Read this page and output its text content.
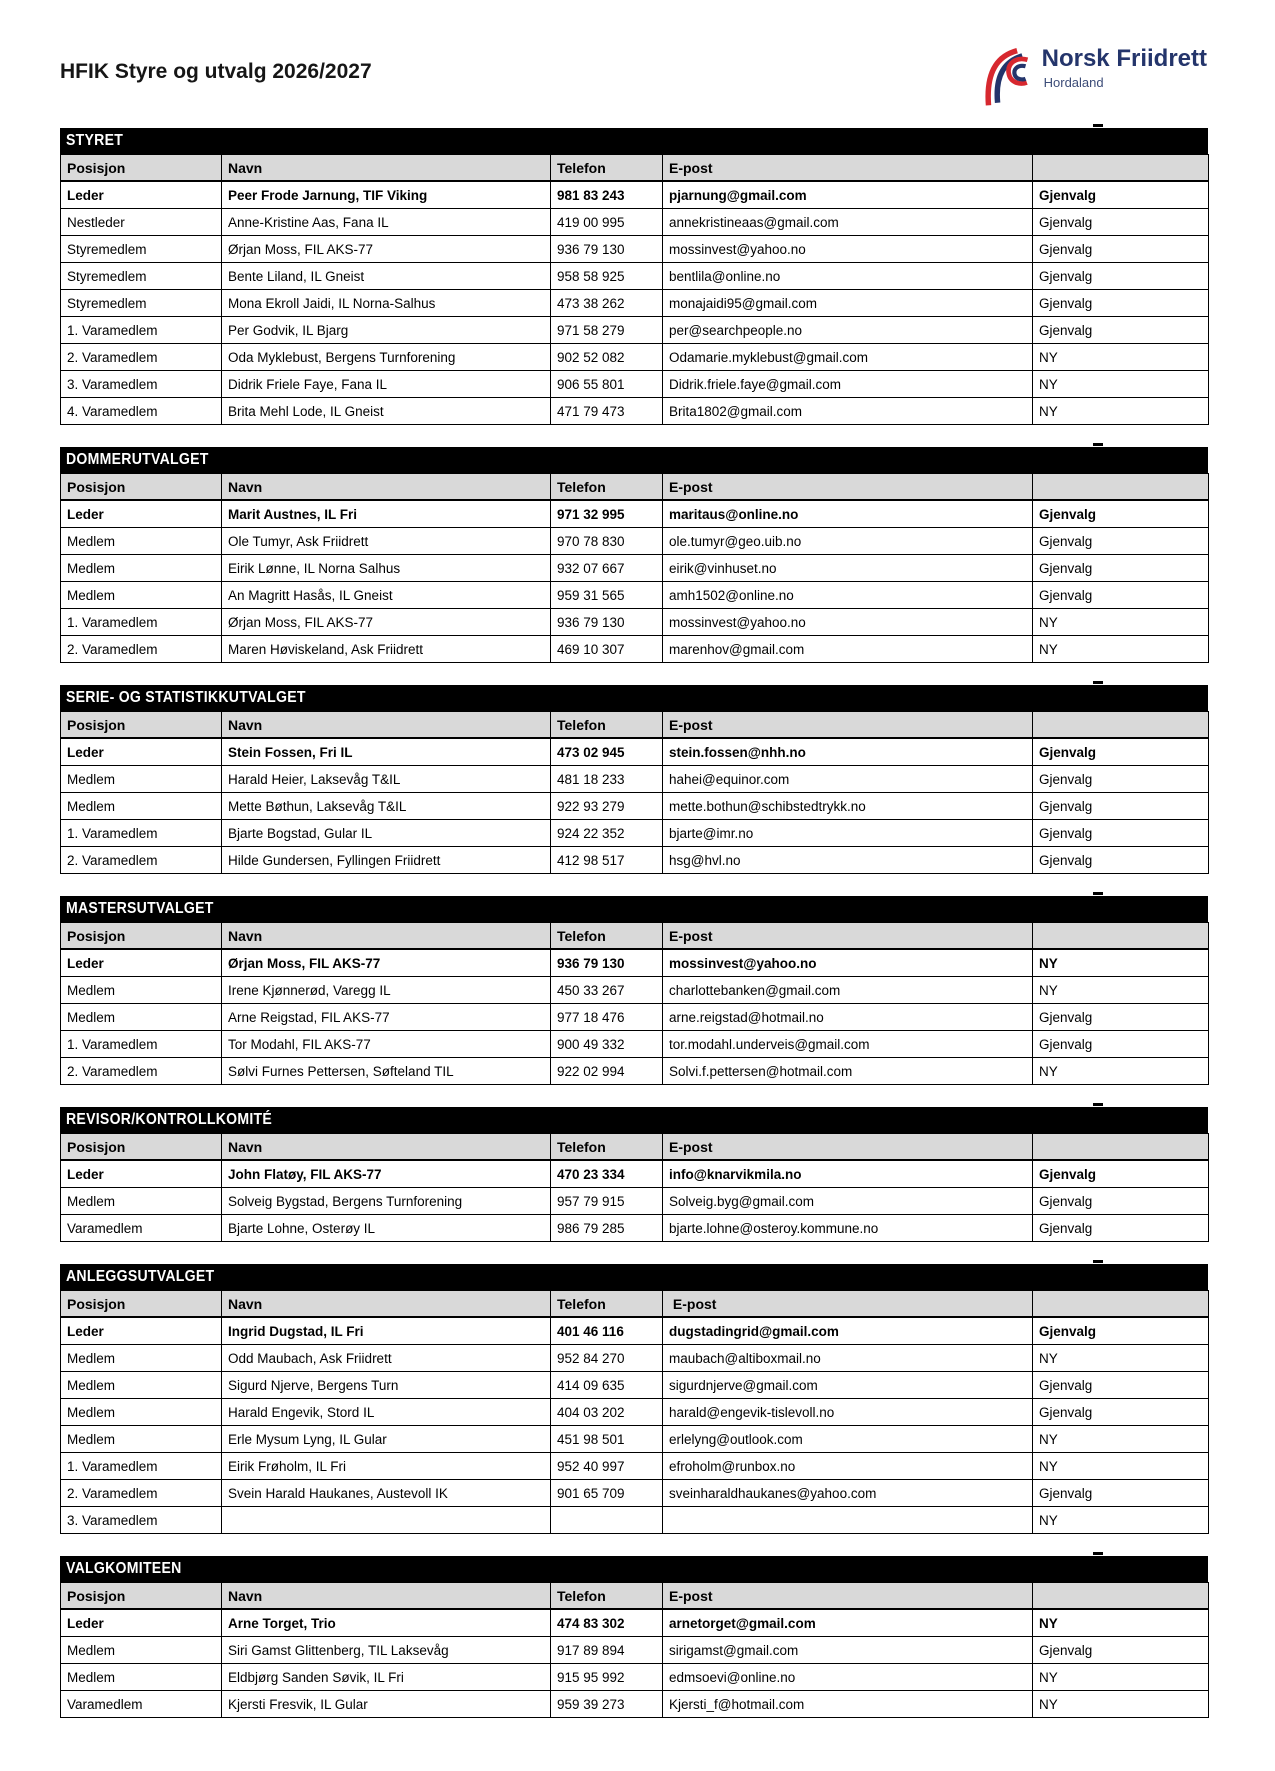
HFIK Styre og utvalg 2026/2027	Norsk Friidrett
Hordaland
STYRET
Posisjon	Navn	Telefon	E-post	
Leder	Peer Frode Jarnung, TIF Viking	981 83 243	pjarnung@gmail.com	Gjenvalg
Nestleder	Anne-Kristine Aas, Fana IL	419 00 995	annekristineaas@gmail.com	Gjenvalg
Styremedlem	Ørjan Moss, FIL AKS-77	936 79 130	mossinvest@yahoo.no	Gjenvalg
Styremedlem	Bente Liland, IL Gneist	958 58 925	bentlila@online.no	Gjenvalg
Styremedlem	Mona Ekroll Jaidi, IL Norna-Salhus	473 38 262	monajaidi95@gmail.com	Gjenvalg
1. Varamedlem	Per Godvik, IL Bjarg	971 58 279	per@searchpeople.no	Gjenvalg
2. Varamedlem	Oda Myklebust, Bergens Turnforening	902 52 082	Odamarie.myklebust@gmail.com	NY
3. Varamedlem	Didrik Friele Faye, Fana IL	906 55 801	Didrik.friele.faye@gmail.com	NY
4. Varamedlem	Brita Mehl Lode, IL Gneist	471 79 473	Brita1802@gmail.com	NY
DOMMERUTVALGET
Posisjon	Navn	Telefon	E-post	
Leder	Marit Austnes, IL Fri	971 32 995	maritaus@online.no	Gjenvalg
Medlem	Ole Tumyr, Ask Friidrett	970 78 830	ole.tumyr@geo.uib.no	Gjenvalg
Medlem	Eirik Lønne, IL Norna Salhus	932 07 667	eirik@vinhuset.no	Gjenvalg
Medlem	An Magritt Hasås, IL Gneist	959 31 565	amh1502@online.no	Gjenvalg
1. Varamedlem	Ørjan Moss, FIL AKS-77	936 79 130	mossinvest@yahoo.no	NY
2. Varamedlem	Maren Høviskeland, Ask Friidrett	469 10 307	marenhov@gmail.com	NY
SERIE- OG STATISTIKKUTVALGET
Posisjon	Navn	Telefon	E-post	
Leder	Stein Fossen, Fri IL	473 02 945	stein.fossen@nhh.no	Gjenvalg
Medlem	Harald Heier, Laksevåg T&IL	481 18 233	hahei@equinor.com	Gjenvalg
Medlem	Mette Bøthun, Laksevåg T&IL	922 93 279	mette.bothun@schibstedtrykk.no	Gjenvalg
1. Varamedlem	Bjarte Bogstad, Gular IL	924 22 352	bjarte@imr.no	Gjenvalg
2. Varamedlem	Hilde Gundersen, Fyllingen Friidrett	412 98 517	hsg@hvl.no	Gjenvalg
MASTERSUTVALGET
Posisjon	Navn	Telefon	E-post	
Leder	Ørjan Moss, FIL AKS-77	936 79 130	mossinvest@yahoo.no	NY
Medlem	Irene Kjønnerød, Varegg IL	450 33 267	charlottebanken@gmail.com	NY
Medlem	Arne Reigstad, FIL AKS-77	977 18 476	arne.reigstad@hotmail.no	Gjenvalg
1. Varamedlem	Tor Modahl, FIL AKS-77	900 49 332	tor.modahl.underveis@gmail.com	Gjenvalg
2. Varamedlem	Sølvi Furnes Pettersen, Søfteland TIL	922 02 994	Solvi.f.pettersen@hotmail.com	NY
REVISOR/KONTROLLKOMITÉ
Posisjon	Navn	Telefon	E-post	
Leder	John Flatøy, FIL AKS-77	470 23 334	info@knarvikmila.no	Gjenvalg
Medlem	Solveig Bygstad, Bergens Turnforening	957 79 915	Solveig.byg@gmail.com	Gjenvalg
Varamedlem	Bjarte Lohne, Osterøy IL	986 79 285	bjarte.lohne@osteroy.kommune.no	Gjenvalg
ANLEGGSUTVALGET
Posisjon	Navn	Telefon	E-post	
Leder	Ingrid Dugstad, IL Fri	401 46 116	dugstadingrid@gmail.com	Gjenvalg
Medlem	Odd Maubach, Ask Friidrett	952 84 270	maubach@altiboxmail.no	NY
Medlem	Sigurd Njerve, Bergens Turn	414 09 635	sigurdnjerve@gmail.com	Gjenvalg
Medlem	Harald Engevik, Stord IL	404 03 202	harald@engevik-tislevoll.no	Gjenvalg
Medlem	Erle Mysum Lyng, IL Gular	451 98 501	erlelyng@outlook.com	NY
1. Varamedlem	Eirik Frøholm, IL Fri	952 40 997	efroholm@runbox.no	NY
2. Varamedlem	Svein Harald Haukanes, Austevoll IK	901 65 709	sveinharaldhaukanes@yahoo.com	Gjenvalg
3. Varamedlem				NY
VALGKOMITEEN
Posisjon	Navn	Telefon	E-post	
Leder	Arne Torget, Trio	474 83 302	arnetorget@gmail.com	NY
Medlem	Siri Gamst Glittenberg, TIL Laksevåg	917 89 894	sirigamst@gmail.com	Gjenvalg
Medlem	Eldbjørg Sanden Søvik, IL Fri	915 95 992	edmsoevi@online.no	NY
Varamedlem	Kjersti Fresvik, IL Gular	959 39 273	Kjersti_f@hotmail.com	NY
